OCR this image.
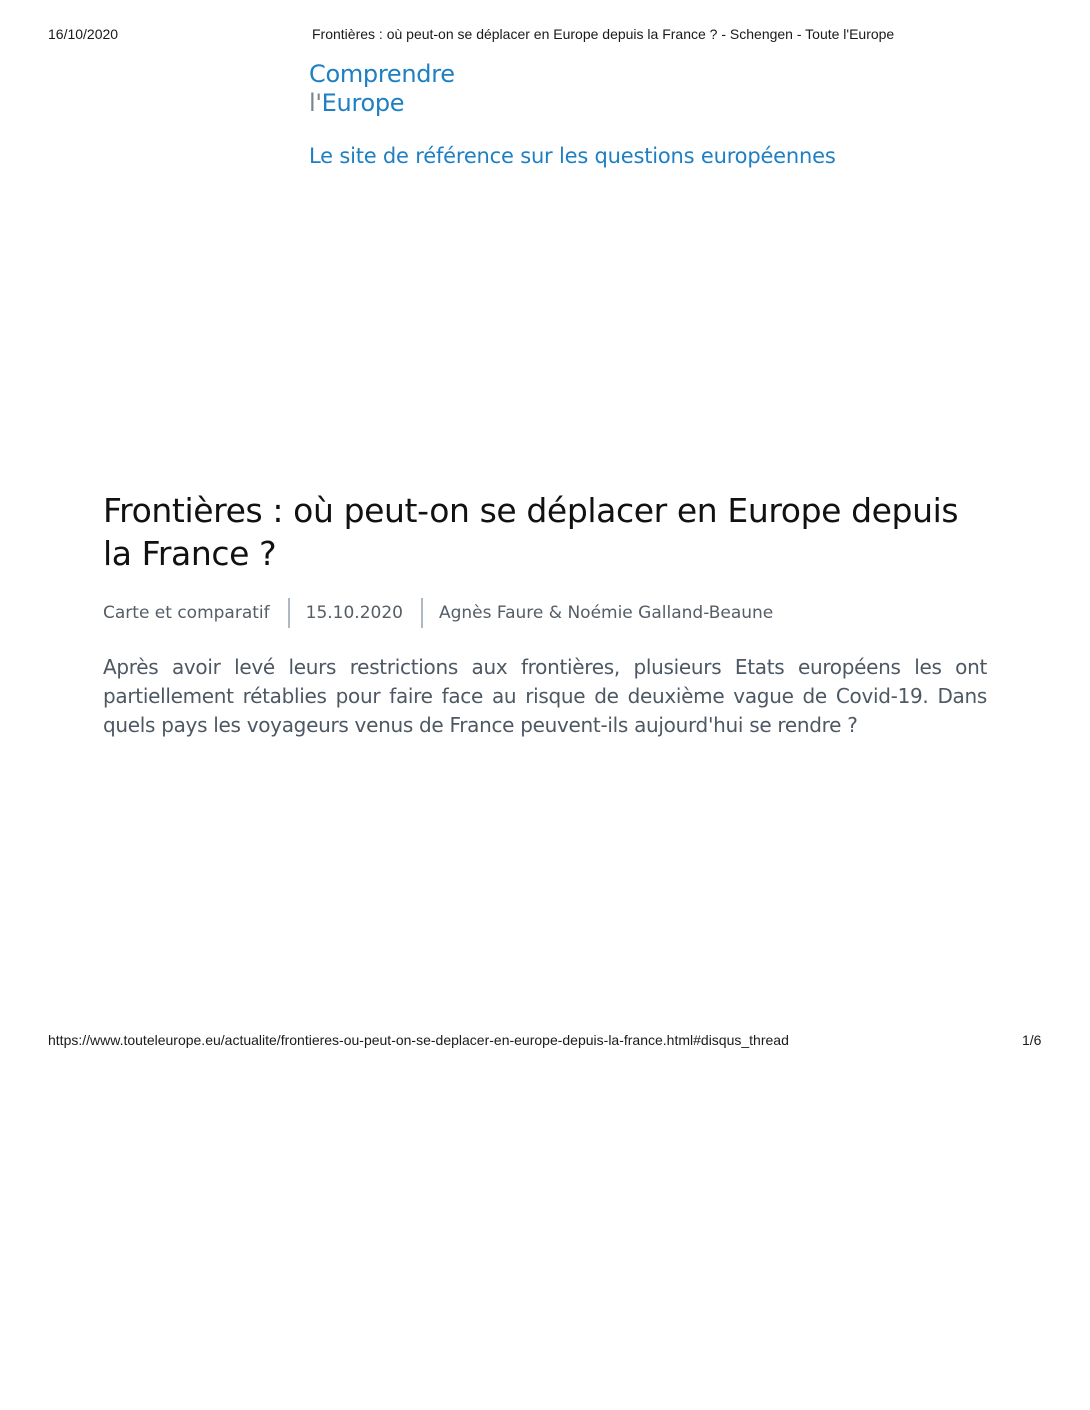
16/10/2020	Frontières : où peut-on se déplacer en Europe depuis la France ? - Schengen - Toute l'Europe
Comprendre
l'Europe
Le site de référence sur les questions européennes
Frontières : où peut-on se déplacer en Europe depuis la France ?
Carte et comparatif 15.10.2020 Agnès Faure & Noémie Galland-Beaune

Après avoir levé leurs restrictions aux frontières, plusieurs Etats européens les ont partiellement rétablies pour faire face au risque de deuxième vague de Covid-19. Dans quels pays les voyageurs venus de France peuvent-ils aujourd'hui se rendre ?

https://www.touteleurope.eu/actualite/frontieres-ou-peut-on-se-deplacer-en-europe-depuis-la-france.html#disqus_thread	1/6
